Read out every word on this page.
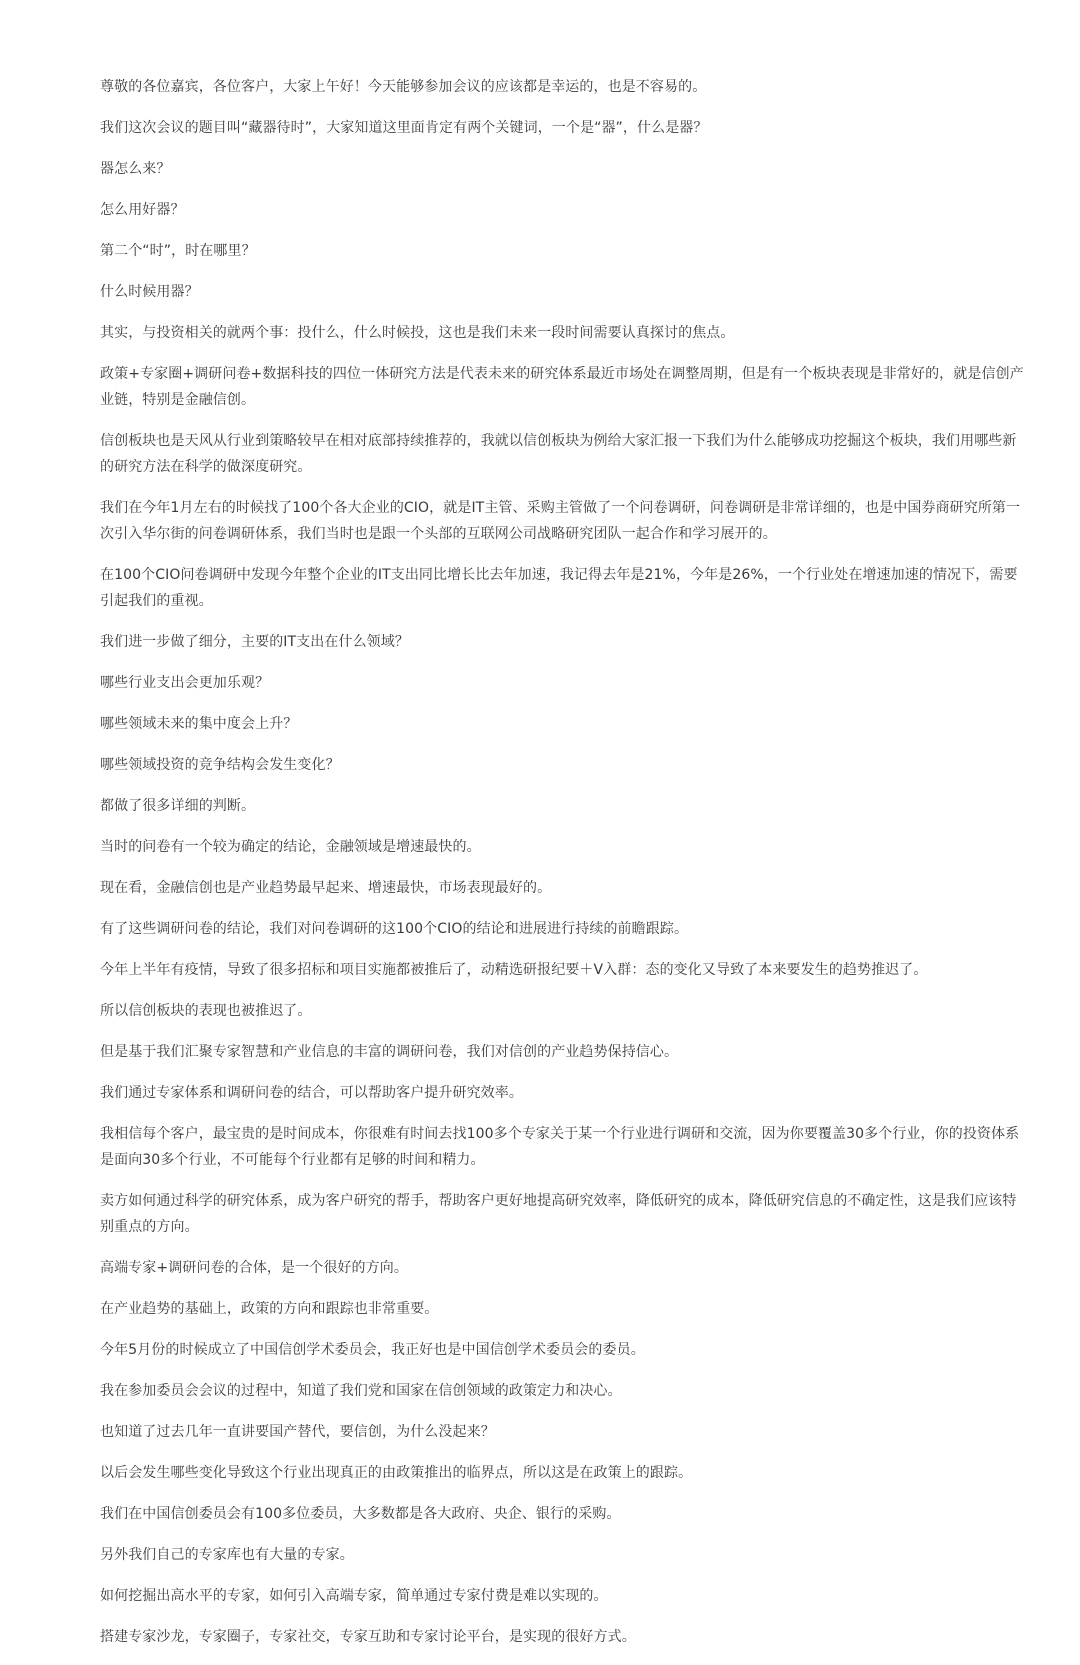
尊敬的各位嘉宾，各位客户，大家上午好！今天能够参加会议的应该都是幸运的，也是不容易的。

我们这次会议的题目叫“藏器待时”，大家知道这里面肯定有两个关键词，一个是“器”，什么是器？

器怎么来？

怎么用好器？

第二个“时”，时在哪里？

什么时候用器？

其实，与投资相关的就两个事：投什么，什么时候投，这也是我们未来一段时间需要认真探讨的焦点。

政策+专家圈+调研问卷+数据科技的四位一体研究方法是代表未来的研究体系最近市场处在调整周期，但是有一个板块表现是非常好的，就是信创产业链，特别是金融信创。

信创板块也是天风从行业到策略较早在相对底部持续推荐的，我就以信创板块为例给大家汇报一下我们为什么能够成功挖掘这个板块，我们用哪些新的研究方法在科学的做深度研究。

我们在今年1月左右的时候找了100个各大企业的CIO，就是IT主管、采购主管做了一个问卷调研，问卷调研是非常详细的，也是中国券商研究所第一次引入华尔街的问卷调研体系，我们当时也是跟一个头部的互联网公司战略研究团队一起合作和学习展开的。

在100个CIO问卷调研中发现今年整个企业的IT支出同比增长比去年加速，我记得去年是21%，今年是26%，一个行业处在增速加速的情况下，需要引起我们的重视。

我们进一步做了细分，主要的IT支出在什么领域？

哪些行业支出会更加乐观？

哪些领域未来的集中度会上升？

哪些领域投资的竞争结构会发生变化？

都做了很多详细的判断。

当时的问卷有一个较为确定的结论，金融领域是增速最快的。

现在看，金融信创也是产业趋势最早起来、增速最快，市场表现最好的。

有了这些调研问卷的结论，我们对问卷调研的这100个CIO的结论和进展进行持续的前瞻跟踪。

今年上半年有疫情，导致了很多招标和项目实施都被推后了，动精选研报纪要＋V入群：态的变化又导致了本来要发生的趋势推迟了。

所以信创板块的表现也被推迟了。

但是基于我们汇聚专家智慧和产业信息的丰富的调研问卷，我们对信创的产业趋势保持信心。

我们通过专家体系和调研问卷的结合，可以帮助客户提升研究效率。

我相信每个客户，最宝贵的是时间成本，你很难有时间去找100多个专家关于某一个行业进行调研和交流，因为你要覆盖30多个行业，你的投资体系是面向30多个行业，不可能每个行业都有足够的时间和精力。

卖方如何通过科学的研究体系，成为客户研究的帮手，帮助客户更好地提高研究效率，降低研究的成本，降低研究信息的不确定性，这是我们应该特别重点的方向。

高端专家+调研问卷的合体，是一个很好的方向。

在产业趋势的基础上，政策的方向和跟踪也非常重要。

今年5月份的时候成立了中国信创学术委员会，我正好也是中国信创学术委员会的委员。

我在参加委员会会议的过程中，知道了我们党和国家在信创领域的政策定力和决心。

也知道了过去几年一直讲要国产替代，要信创，为什么没起来？

以后会发生哪些变化导致这个行业出现真正的由政策推出的临界点，所以这是在政策上的跟踪。

我们在中国信创委员会有100多位委员，大多数都是各大政府、央企、银行的采购。

另外我们自己的专家库也有大量的专家。

如何挖掘出高水平的专家，如何引入高端专家，简单通过专家付费是难以实现的。

搭建专家沙龙，专家圈子，专家社交，专家互助和专家讨论平台，是实现的很好方式。
